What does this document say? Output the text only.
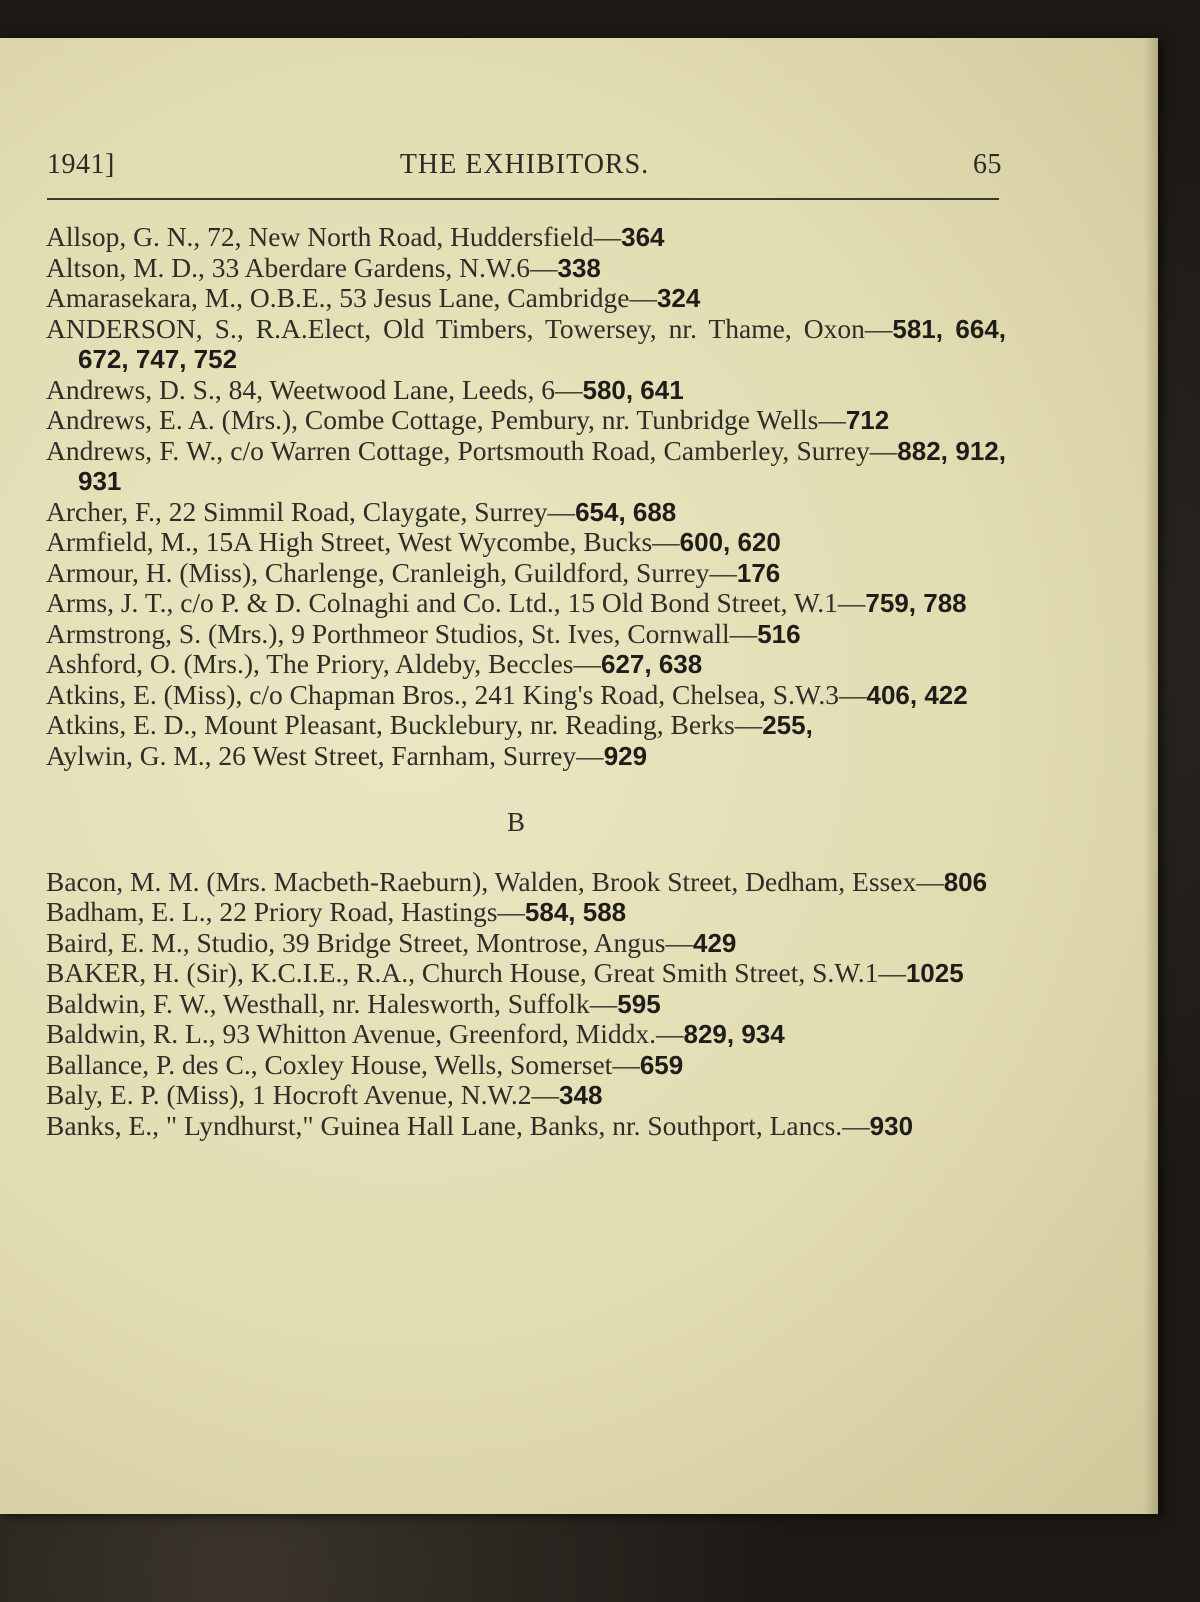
1941]	THE EXHIBITORS.	65
Allsop, G. N., 72, New North Road, Huddersfield—364
Altson, M. D., 33 Aberdare Gardens, N.W.6—338
Amarasekara, M., O.B.E., 53 Jesus Lane, Cambridge—324
ANDERSON, S., R.A.Elect, Old Timbers, Towersey, nr. Thame, Oxon—581, 664, 672, 747, 752
Andrews, D. S., 84, Weetwood Lane, Leeds, 6—580, 641
Andrews, E. A. (Mrs.), Combe Cottage, Pembury, nr. Tunbridge Wells—712
Andrews, F. W., c/o Warren Cottage, Portsmouth Road, Camberley, Surrey—882, 912, 931
Archer, F., 22 Simmil Road, Claygate, Surrey—654, 688
Armfield, M., 15A High Street, West Wycombe, Bucks—600, 620
Armour, H. (Miss), Charlenge, Cranleigh, Guildford, Surrey—176
Arms, J. T., c/o P. & D. Colnaghi and Co. Ltd., 15 Old Bond Street, W.1—759, 788
Armstrong, S. (Mrs.), 9 Porthmeor Studios, St. Ives, Cornwall—516
Ashford, O. (Mrs.), The Priory, Aldeby, Beccles—627, 638
Atkins, E. (Miss), c/o Chapman Bros., 241 King's Road, Chelsea, S.W.3—406, 422
Atkins, E. D., Mount Pleasant, Bucklebury, nr. Reading, Berks—255,
Aylwin, G. M., 26 West Street, Farnham, Surrey—929
B
Bacon, M. M. (Mrs. Macbeth-Raeburn), Walden, Brook Street, Dedham, Essex—806
Badham, E. L., 22 Priory Road, Hastings—584, 588
Baird, E. M., Studio, 39 Bridge Street, Montrose, Angus—429
BAKER, H. (Sir), K.C.I.E., R.A., Church House, Great Smith Street, S.W.1—1025
Baldwin, F. W., Westhall, nr. Halesworth, Suffolk—595
Baldwin, R. L., 93 Whitton Avenue, Greenford, Middx.—829, 934
Ballance, P. des C., Coxley House, Wells, Somerset—659
Baly, E. P. (Miss), 1 Hocroft Avenue, N.W.2—348
Banks, E., " Lyndhurst," Guinea Hall Lane, Banks, nr. Southport, Lancs.—930
